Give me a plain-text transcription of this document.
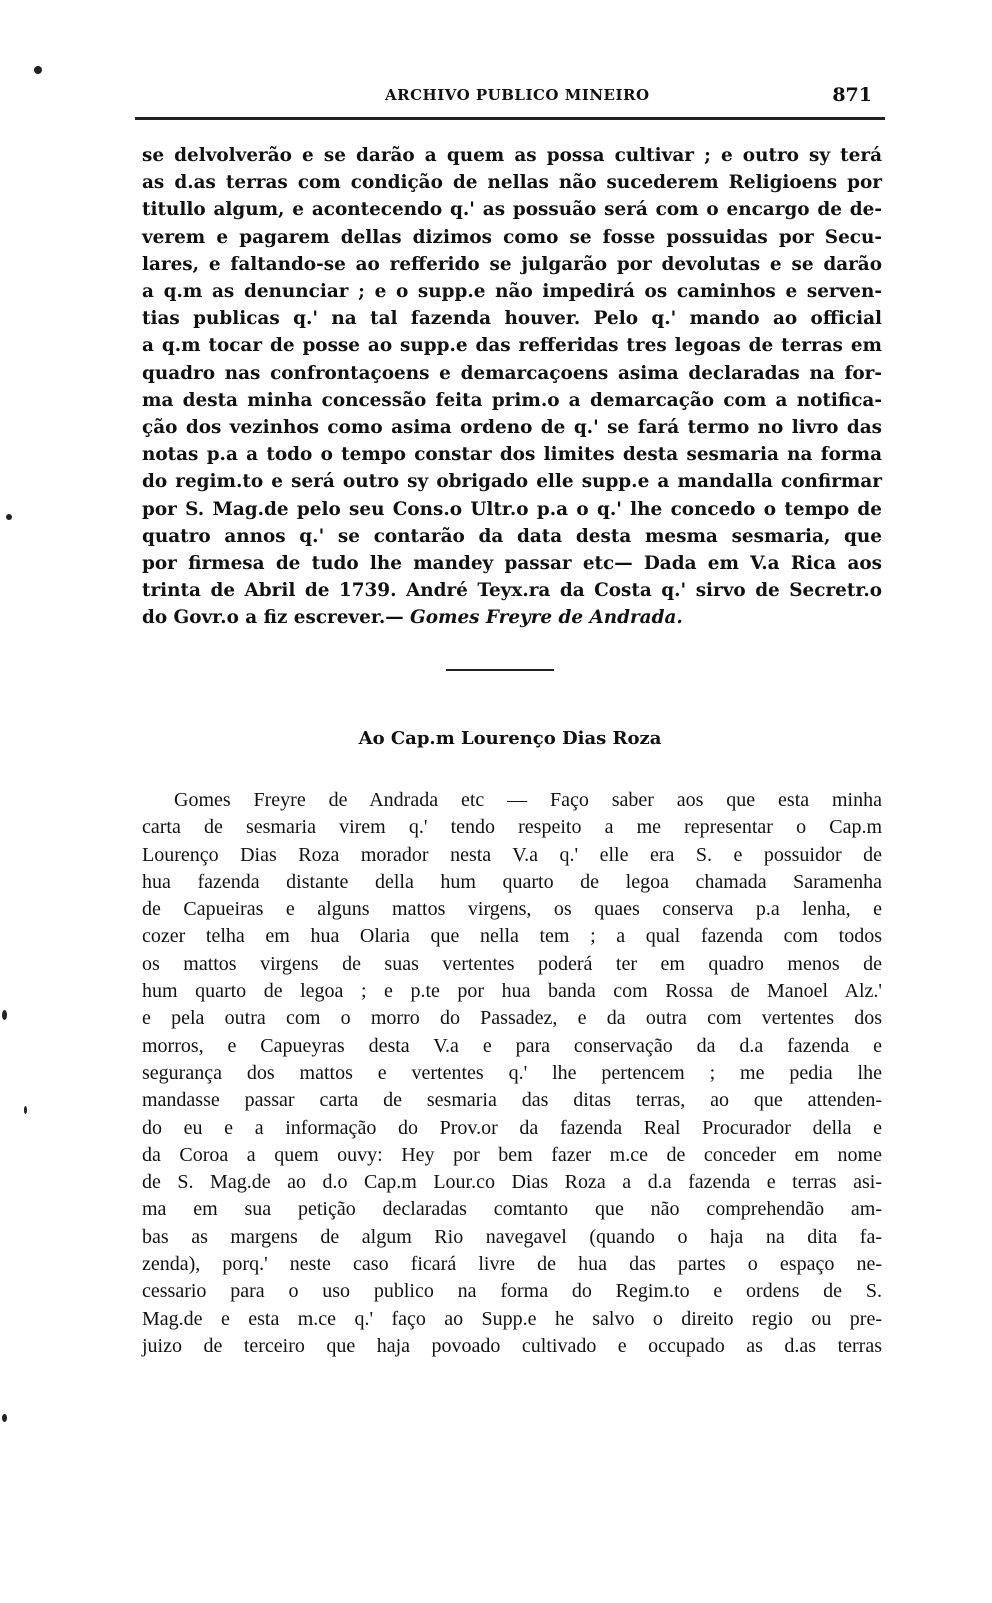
ARCHIVO PUBLICO MINEIRO	871
se delvolverão e se darão a quem as possa cultivar ; e outro sy terá
as d.as terras com condição de nellas não sucederem Religioens por
titullo algum, e acontecendo q.' as possuão será com o encargo de de-
verem e pagarem dellas dizimos como se fosse possuidas por Secu-
lares, e faltando-se ao refferido se julgarão por devolutas e se darão
a q.m as denunciar ; e o supp.e não impedirá os caminhos e serven-
tias publicas q.' na tal fazenda houver. Pelo q.' mando ao official
a q.m tocar de posse ao supp.e das refferidas tres legoas de terras em
quadro nas confrontaçoens e demarcaçoens asima declaradas na for-
ma desta minha concessão feita prim.o a demarcação com a notifica-
ção dos vezinhos como asima ordeno de q.' se fará termo no livro das
notas p.a a todo o tempo constar dos limites desta sesmaria na forma
do regim.to e será outro sy obrigado elle supp.e a mandalla confirmar
por S. Mag.de pelo seu Cons.o Ultr.o p.a o q.' lhe concedo o tempo de
quatro annos q.' se contarão da data desta mesma sesmaria, que
por firmesa de tudo lhe mandey passar etc— Dada em V.a Rica aos
trinta de Abril de 1739. André Teyx.ra da Costa q.' sirvo de Secretr.o
do Govr.o a fiz escrever.— Gomes Freyre de Andrada.
Ao Cap.m Lourenço Dias Roza
Gomes Freyre de Andrada etc — Faço saber aos que esta minha
carta de sesmaria virem q.' tendo respeito a me representar o Cap.m
Lourenço Dias Roza morador nesta V.a q.' elle era S. e possuidor de
hua fazenda distante della hum quarto de legoa chamada Saramenha
de Capueiras e alguns mattos virgens, os quaes conserva p.a lenha, e
cozer telha em hua Olaria que nella tem ; a qual fazenda com todos
os mattos virgens de suas vertentes poderá ter em quadro menos de
hum quarto de legoa ; e p.te por hua banda com Rossa de Manoel Alz.'
e pela outra com o morro do Passadez, e da outra com vertentes dos
morros, e Capueyras desta V.a e para conservação da d.a fazenda e
segurança dos mattos e vertentes q.' lhe pertencem ; me pedia lhe
mandasse passar carta de sesmaria das ditas terras, ao que attenden-
do eu e a informação do Prov.or da fazenda Real Procurador della e
da Coroa a quem ouvy: Hey por bem fazer m.ce de conceder em nome
de S. Mag.de ao d.o Cap.m Lour.co Dias Roza a d.a fazenda e terras asi-
ma em sua petição declaradas comtanto que não comprehendão am-
bas as margens de algum Rio navegavel (quando o haja na dita fa-
zenda), porq.' neste caso ficará livre de hua das partes o espaço ne-
cessario para o uso publico na forma do Regim.to e ordens de S.
Mag.de e esta m.ce q.' faço ao Supp.e he salvo o direito regio ou pre-
juizo de terceiro que haja povoado cultivado e occupado as d.as terras
